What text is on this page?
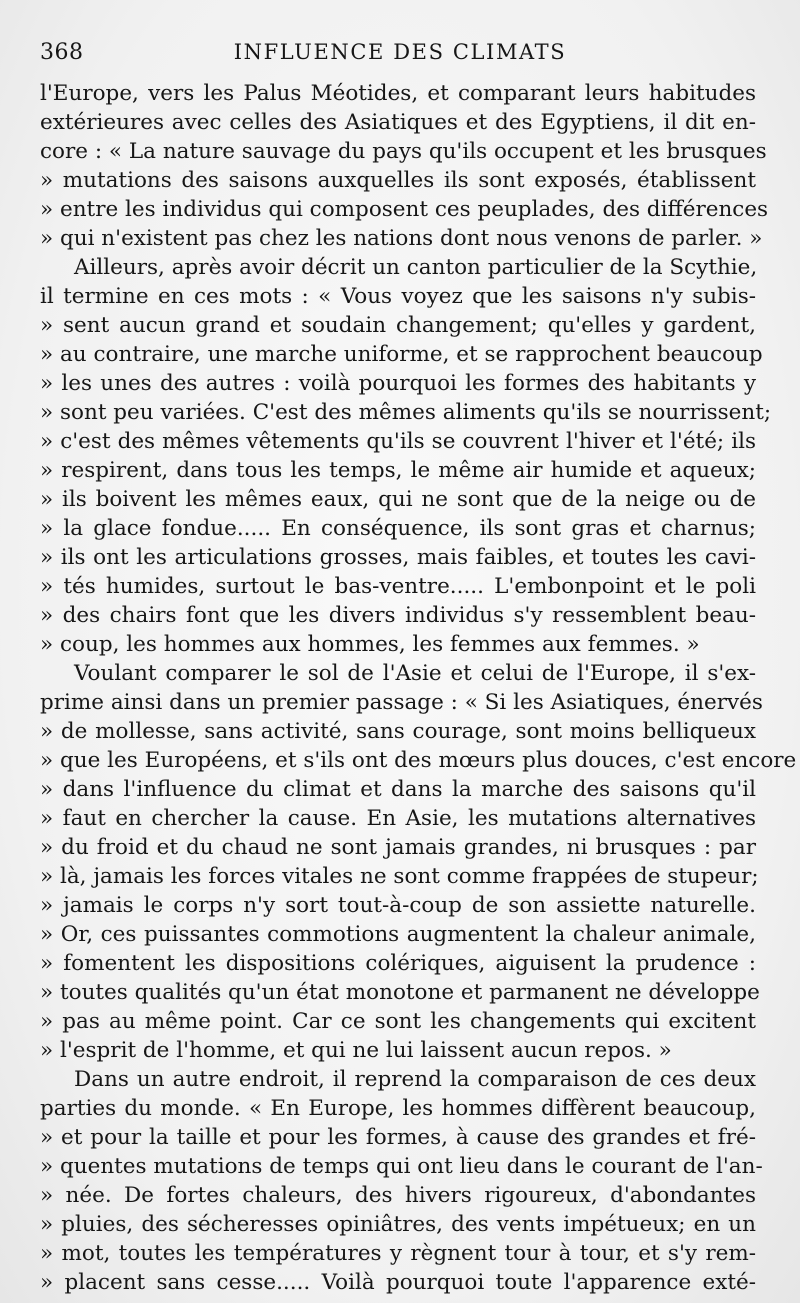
368	INFLUENCE DES CLIMATS
l'Europe, vers les Palus Méotides, et comparant leurs habitudes
extérieures avec celles des Asiatiques et des Egyptiens, il dit en-
core : « La nature sauvage du pays qu'ils occupent et les brusques
» mutations des saisons auxquelles ils sont exposés, établissent
» entre les individus qui composent ces peuplades, des différences
» qui n'existent pas chez les nations dont nous venons de parler. »
Ailleurs, après avoir décrit un canton particulier de la Scythie,
il termine en ces mots : « Vous voyez que les saisons n'y subis-
» sent aucun grand et soudain changement; qu'elles y gardent,
» au contraire, une marche uniforme, et se rapprochent beaucoup
» les unes des autres : voilà pourquoi les formes des habitants y
» sont peu variées. C'est des mêmes aliments qu'ils se nourrissent;
» c'est des mêmes vêtements qu'ils se couvrent l'hiver et l'été; ils
» respirent, dans tous les temps, le même air humide et aqueux;
» ils boivent les mêmes eaux, qui ne sont que de la neige ou de
» la glace fondue..... En conséquence, ils sont gras et charnus;
» ils ont les articulations grosses, mais faibles, et toutes les cavi-
» tés humides, surtout le bas-ventre..... L'embonpoint et le poli
» des chairs font que les divers individus s'y ressemblent beau-
» coup, les hommes aux hommes, les femmes aux femmes. »
Voulant comparer le sol de l'Asie et celui de l'Europe, il s'ex-
prime ainsi dans un premier passage : « Si les Asiatiques, énervés
» de mollesse, sans activité, sans courage, sont moins belliqueux
» que les Européens, et s'ils ont des mœurs plus douces, c'est encore
» dans l'influence du climat et dans la marche des saisons qu'il
» faut en chercher la cause. En Asie, les mutations alternatives
» du froid et du chaud ne sont jamais grandes, ni brusques : par
» là, jamais les forces vitales ne sont comme frappées de stupeur;
» jamais le corps n'y sort tout-à-coup de son assiette naturelle.
» Or, ces puissantes commotions augmentent la chaleur animale,
» fomentent les dispositions colériques, aiguisent la prudence :
» toutes qualités qu'un état monotone et parmanent ne développe
» pas au même point. Car ce sont les changements qui excitent
» l'esprit de l'homme, et qui ne lui laissent aucun repos. »
Dans un autre endroit, il reprend la comparaison de ces deux
parties du monde. « En Europe, les hommes diffèrent beaucoup,
» et pour la taille et pour les formes, à cause des grandes et fré-
» quentes mutations de temps qui ont lieu dans le courant de l'an-
» née. De fortes chaleurs, des hivers rigoureux, d'abondantes
» pluies, des sécheresses opiniâtres, des vents impétueux; en un
» mot, toutes les températures y règnent tour à tour, et s'y rem-
» placent sans cesse..... Voilà pourquoi toute l'apparence exté-
